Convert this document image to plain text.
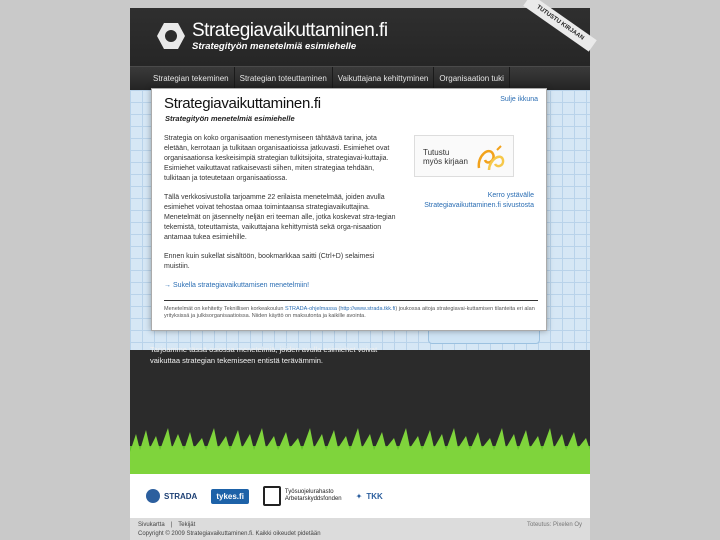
Strategiavaikuttaminen.fi
Strategityön menetelmiä esimiehelle
TUTUSTU KIRJAAN
Strategian tekeminen	Strategian toteuttaminen	Vaikuttajana kehittyminen	Organisaation tuki
Tarjoamme tässä osiossa menetelmiä, joiden avulla esimiehet voivat vaikuttaa strategian tekemiseen entistä terävämmin.
STRADA	tykes.fi	Työsuojelurahasto
Arbetarskyddsfonden ✦ TKK
Sivukartta | Tekijät
Copyright © 2009 Strategiavaikuttaminen.fi. Kaikki oikeudet pidetään
Toteutus: Pixelen Oy
Strategiavaikuttaminen.fi
Strategityön menetelmiä esimiehelle
Sulje ikkuna

Strategia on koko organisaation menestymiseen tähtäävä tarina, jota eletään, kerrotaan ja tulkitaan organisaatioissa jatkuvasti. Esimiehet ovat organisaationsa keskeisimpiä strategian tulkitsijoita, strategiavai-kuttajia. Esimiehet vaikuttavat ratkaisevasti siihen, miten strategiaa tehdään, tulkitaan ja toteutetaan organisaatiossa.

Tällä verkkosivustolla tarjoamme 22 erilaista menetelmää, joiden avulla esimiehet voivat tehostaa omaa toimintaansa strategiavaikuttajina. Menetelmät on jäsennelty neljän eri teeman alle, jotka koskevat stra-tegian tekemistä, toteuttamista, vaikuttajana kehittymistä sekä orga-nisaation antamaa tukea esimiehille.

Ennen kuin sukellat sisältöön, bookmarkkaa saitti (Ctrl+D) selaimesi muistiin.

→ Sukella strategiavaikuttamisen menetelmiin!

Tutustu
myös kirjaan
Kerro ystävälle Strategiavaikuttaminen.fi sivustosta
Menetelmät on kehitetty Teknillisen korkeakoulun STRADA-ohjelmassa (http://www.strada.tkk.fi) joukossa aitoja strategiavai-kuttamisen tilanteita eri alan yrityksissä ja julkisorganisaatioissa. Niiden käyttö on maksutonta ja kaikille avointa.
